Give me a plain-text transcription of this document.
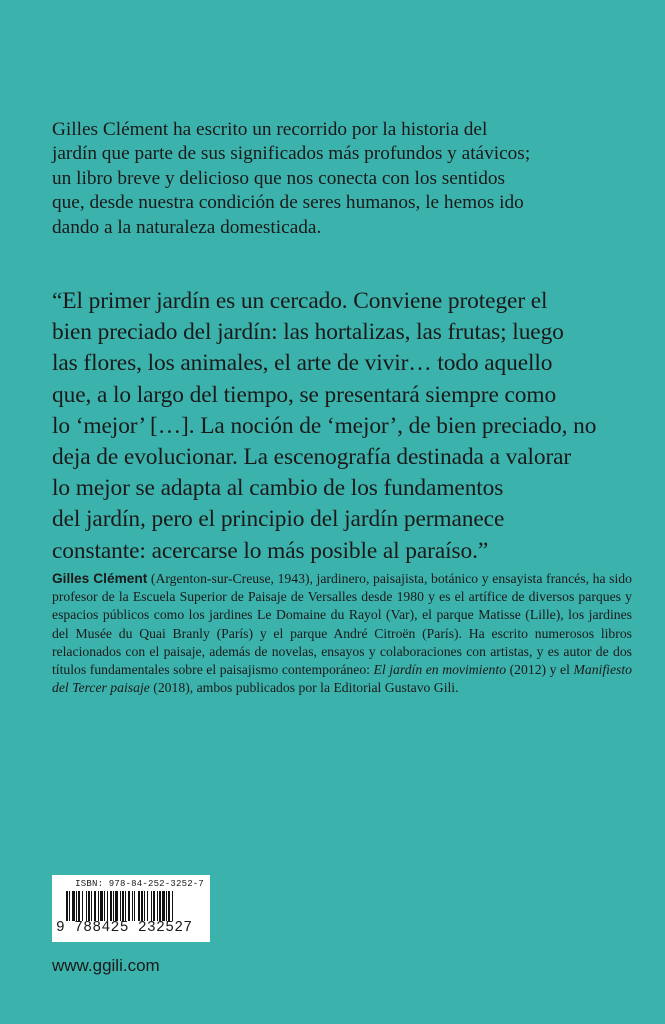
Gilles Clément ha escrito un recorrido por la historia del

jardín que parte de sus significados más profundos y atávicos;

un libro breve y delicioso que nos conecta con los sentidos

que, desde nuestra condición de seres humanos, le hemos ido

dando a la naturaleza domesticada.

“El primer jardín es un cercado. Conviene proteger el

bien preciado del jardín: las hortalizas, las frutas; luego

las flores, los animales, el arte de vivir… todo aquello

que, a lo largo del tiempo, se presentará siempre como

lo ‘mejor’ […]. La noción de ‘mejor’, de bien preciado, no

deja de evolucionar. La escenografía destinada a valorar

lo mejor se adapta al cambio de los fundamentos

del jardín, pero el principio del jardín permanece

constante: acercarse lo más posible al paraíso.”

Gilles Clément (Argenton-sur-Creuse, 1943), jardinero, paisajista, botánico y ensayista francés, ha sido profesor de la Escuela Superior de Paisaje de Versalles desde 1980 y es el artífice de diversos parques y espacios públicos como los jardines Le Domaine du Rayol (Var), el parque Matisse (Lille), los jardines del Musée du Quai Branly (París) y el parque André Citroën (París). Ha escrito numerosos libros relacionados con el paisaje, además de novelas, ensayos y colaboraciones con artistas, y es autor de dos títulos fundamentales sobre el paisajismo contemporáneo: El jardín en movimiento (2012) y el Manifiesto del Tercer paisaje (2018), ambos publicados por la Editorial Gustavo Gili.
ISBN: 978-84-252-3252-7
9 788425 232527
www.ggili.com
